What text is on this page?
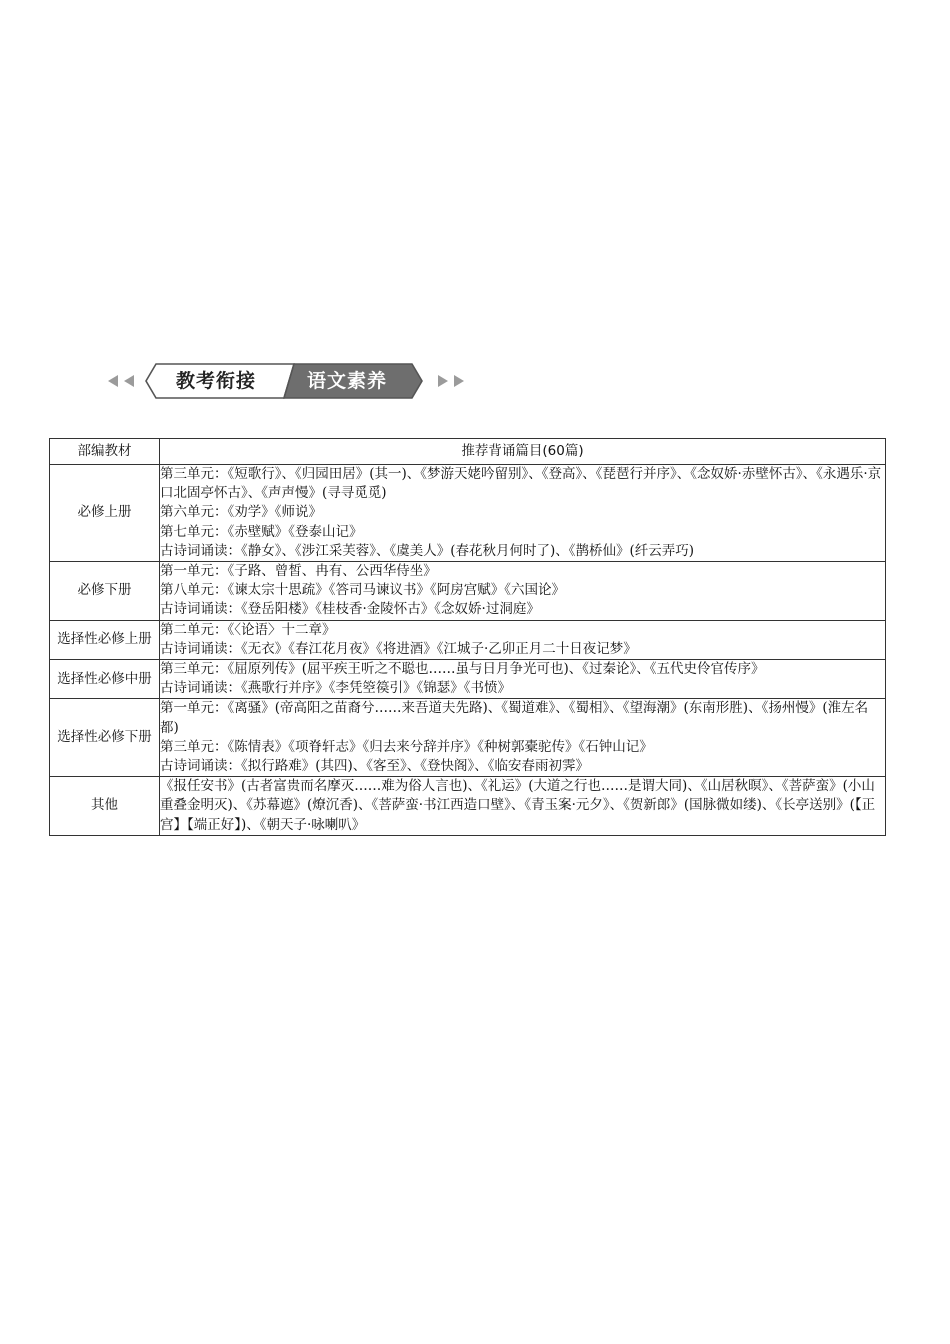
教考衔接	语文素养
部编教材	推荐背诵篇目(60篇)
必修上册	第三单元：《短歌行》、《归园田居》(其一)、《梦游天姥吟留别》、《登高》、《琵琶行并序》、《念奴娇·赤壁怀古》、《永遇乐·京口北固亭怀古》、《声声慢》(寻寻觅觅)
第六单元：《劝学》《师说》
第七单元：《赤壁赋》《登泰山记》
古诗词诵读：《静女》、《涉江采芙蓉》、《虞美人》(春花秋月何时了)、《鹊桥仙》(纤云弄巧)

必修下册	第一单元：《子路、曾皙、冉有、公西华侍坐》
第八单元：《谏太宗十思疏》《答司马谏议书》《阿房宫赋》《六国论》
古诗词诵读：《登岳阳楼》《桂枝香·金陵怀古》《念奴娇·过洞庭》

选择性必修上册	第二单元：《〈论语〉十二章》
古诗词诵读：《无衣》《春江花月夜》《将进酒》《江城子·乙卯正月二十日夜记梦》

选择性必修中册	第三单元：《屈原列传》(屈平疾王听之不聪也……虽与日月争光可也)、《过秦论》、《五代史伶官传序》
古诗词诵读：《燕歌行并序》《李凭箜篌引》《锦瑟》《书愤》

选择性必修下册	第一单元：《离骚》(帝高阳之苗裔兮……来吾道夫先路)、《蜀道难》、《蜀相》、《望海潮》(东南形胜)、《扬州慢》(淮左名都)
第三单元：《陈情表》《项脊轩志》《归去来兮辞并序》《种树郭橐驼传》《石钟山记》
古诗词诵读：《拟行路难》(其四)、《客至》、《登快阁》、《临安春雨初霁》

其他	《报任安书》(古者富贵而名摩灭……难为俗人言也)、《礼运》(大道之行也……是谓大同)、《山居秋暝》、《菩萨蛮》(小山重叠金明灭)、《苏幕遮》(燎沉香)、《菩萨蛮·书江西造口壁》、《青玉案·元夕》、《贺新郎》(国脉微如缕)、《长亭送别》(【正宫】【端正好】)、《朝天子·咏喇叭》
